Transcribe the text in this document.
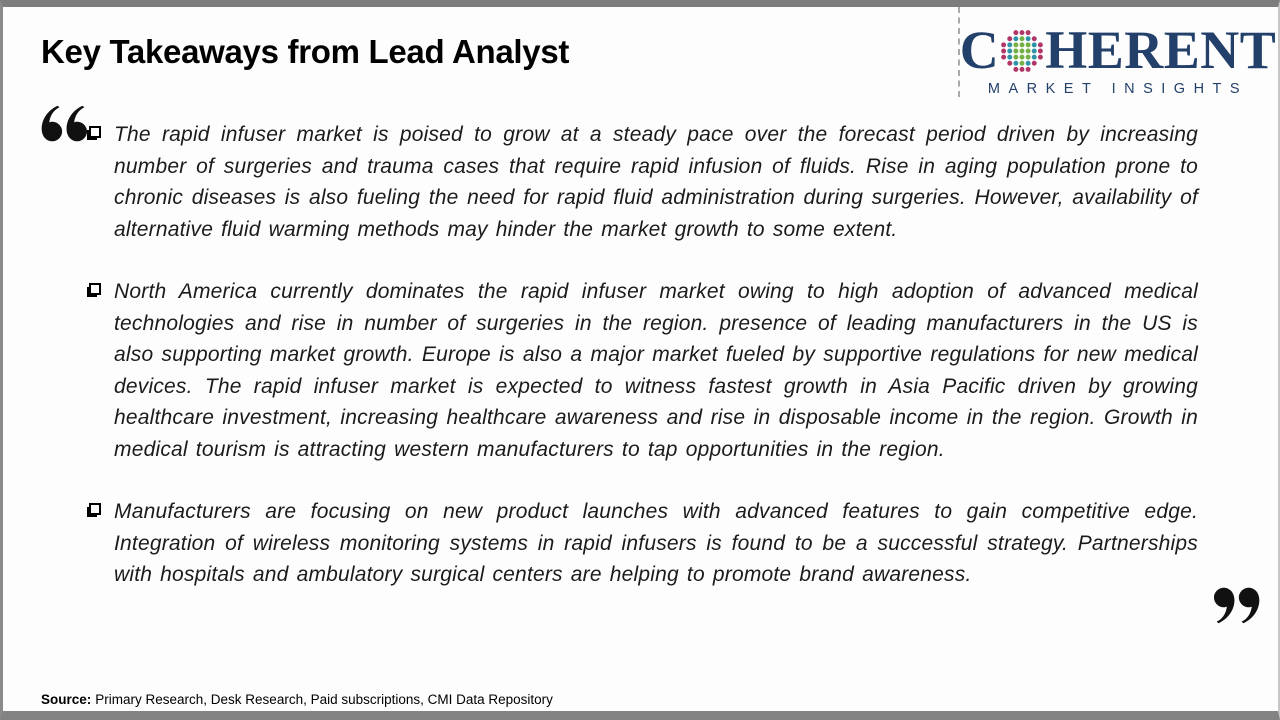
Key Takeaways from Lead Analyst	C HERENT
MARKET INSIGHTS

The rapid infuser market is poised to grow at a steady pace over the forecast period driven by increasing number of surgeries and trauma cases that require rapid infusion of fluids. Rise in aging population prone to chronic diseases is also fueling the need for rapid fluid administration during surgeries. However, availability of alternative fluid warming methods may hinder the market growth to some extent.

North America currently dominates the rapid infuser market owing to high adoption of advanced medical technologies and rise in number of surgeries in the region. presence of leading manufacturers in the US is also supporting market growth. Europe is also a major market fueled by supportive regulations for new medical devices. The rapid infuser market is expected to witness fastest growth in Asia Pacific driven by growing healthcare investment, increasing healthcare awareness and rise in disposable income in the region. Growth in medical tourism is attracting western manufacturers to tap opportunities in the region.

Manufacturers are focusing on new product launches with advanced features to gain competitive edge. Integration of wireless monitoring systems in rapid infusers is found to be a successful strategy. Partnerships with hospitals and ambulatory surgical centers are helping to promote brand awareness.

Source: Primary Research, Desk Research, Paid subscriptions, CMI Data Repository
